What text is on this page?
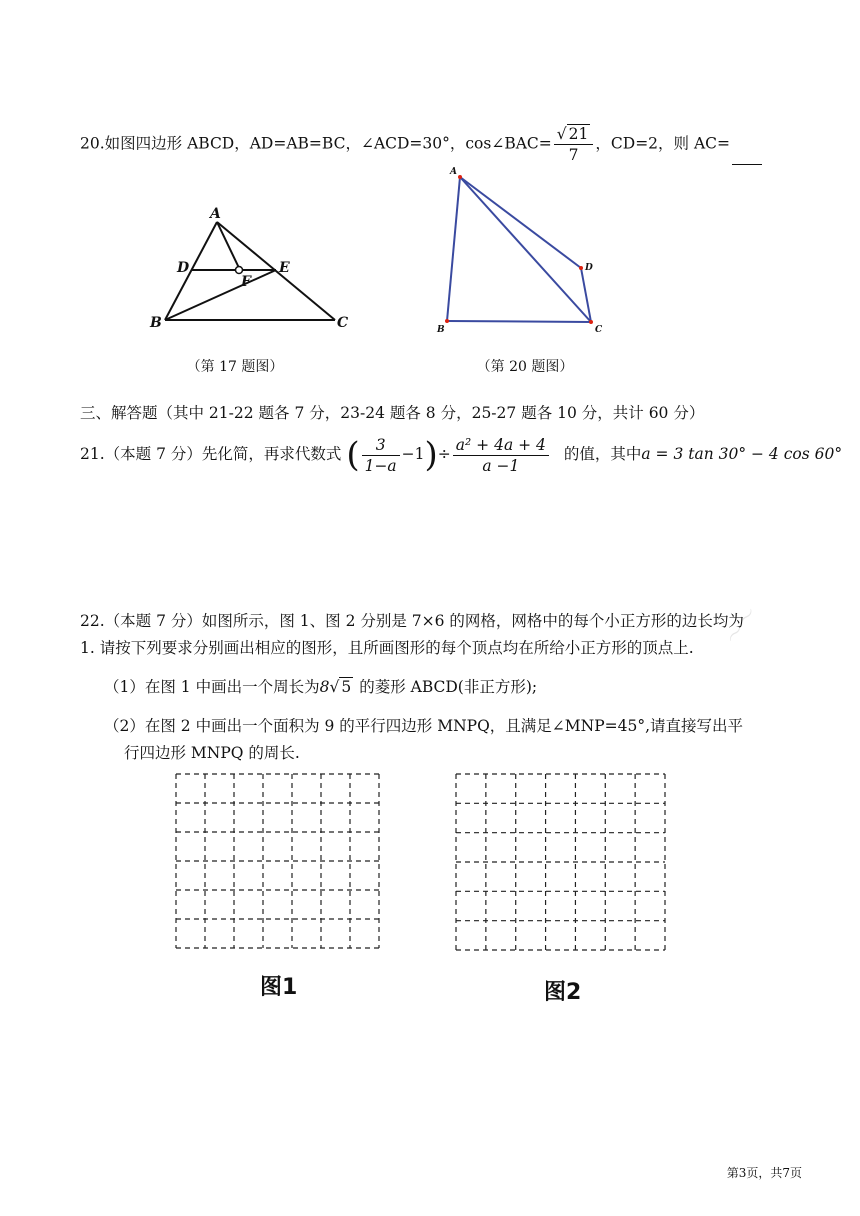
20.如图四边形 ABCD，AD=AB=BC，∠ACD=30°，cos∠BAC= $\frac{√ 21}{7}$ ，CD=2，则 AC=
A
D	E
F
B	C
（第 17 题图）
A
B	C
D
（第 20 题图）
三、解答题（其中 21-22 题各 7 分，23-24 题各 8 分，25-27 题各 10 分，共计 60 分）
21.（本题 7 分）先化简，再求代数式 ( $\frac{3}{1-a} -1)\div \frac{\text{a² + 4a + 4}}{a -1}$ 的值，其中a = 3 tan 30° − 4 cos 60°
〜〜
22.（本题 7 分）如图所示，图 1、图 2 分别是 7×6 的网格，网格中的每个小正方形的边长均为
1. 请按下列要求分别画出相应的图形，且所画图形的每个顶点均在所给小正方形的顶点上.
（1）在图 1 中画出一个周长为8√ 5 的菱形 ABCD(非正方形);
（2）在图 2 中画出一个面积为 9 的平行四边形 MNPQ，且满足∠MNP=45°,请直接写出平
行四边形 MNPQ 的周长.
图1	图2
第3页，共7页
